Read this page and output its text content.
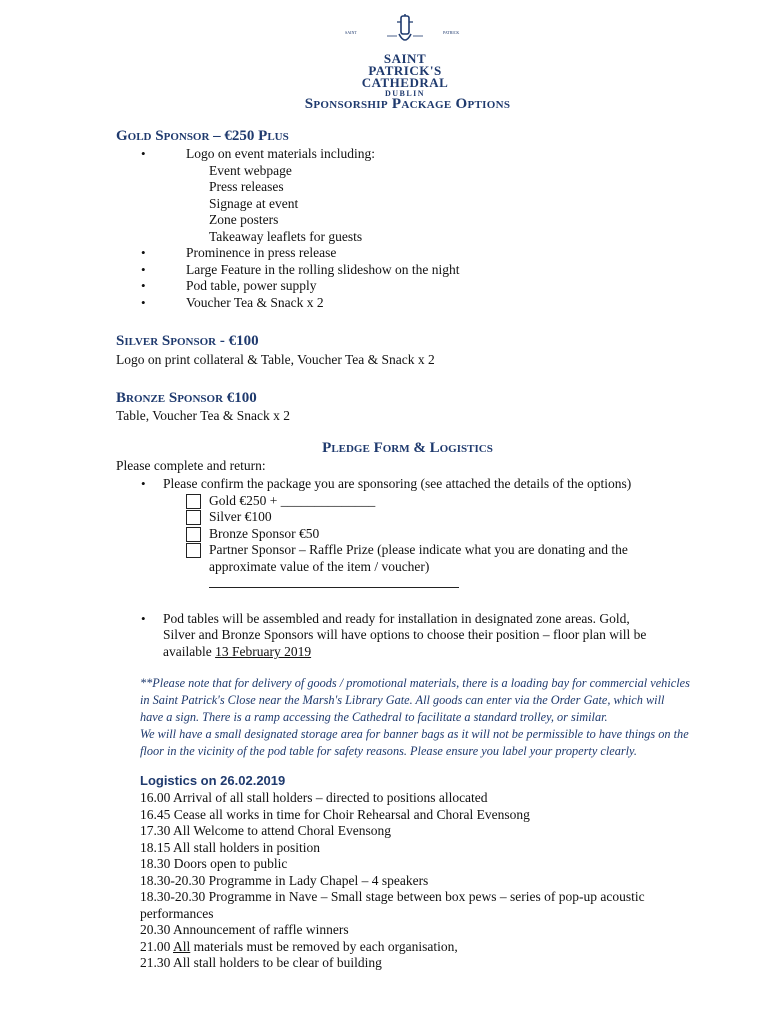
SAINT	PATRICK
SAINT
PATRICK'S
CATHEDRAL
DUBLIN
Sponsorship Package Options
Gold Sponsor – €250 Plus
•	Logo on event materials including:
Event webpage
Press releases
Signage at event
Zone posters
Takeaway leaflets for guests
•	Prominence in press release
•	Large Feature in the rolling slideshow on the night
•	Pod table, power supply
•	Voucher Tea & Snack x 2
Silver Sponsor - €100
Logo on print collateral & Table, Voucher Tea & Snack x 2
Bronze Sponsor €100
Table, Voucher Tea & Snack x 2
Pledge Form & Logistics
Please complete and return:
• Please confirm the package you are sponsoring (see attached the details of the options)
Gold €250 + ______________
Silver €100
Bronze Sponsor €50
Partner Sponsor – Raffle Prize (please indicate what you are donating and the
approximate value of the item / voucher)
• Pod tables will be assembled and ready for installation in designated zone areas. Gold,
Silver and Bronze Sponsors will have options to choose their position – floor plan will be
available 13 February 2019
**Please note that for delivery of goods / promotional materials, there is a loading bay for commercial vehicles
in Saint Patrick's Close near the Marsh's Library Gate. All goods can enter via the Order Gate, which will
have a sign. There is a ramp accessing the Cathedral to facilitate a standard trolley, or similar.
We will have a small designated storage area for banner bags as it will not be permissible to have things on the
floor in the vicinity of the pod table for safety reasons. Please ensure you label your property clearly.
Logistics on 26.02.2019
16.00 Arrival of all stall holders – directed to positions allocated
16.45 Cease all works in time for Choir Rehearsal and Choral Evensong
17.30 All Welcome to attend Choral Evensong
18.15 All stall holders in position
18.30 Doors open to public
18.30-20.30 Programme in Lady Chapel – 4 speakers
18.30-20.30 Programme in Nave – Small stage between box pews – series of pop-up acoustic
performances
20.30 Announcement of raffle winners
21.00 All materials must be removed by each organisation,
21.30 All stall holders to be clear of building
